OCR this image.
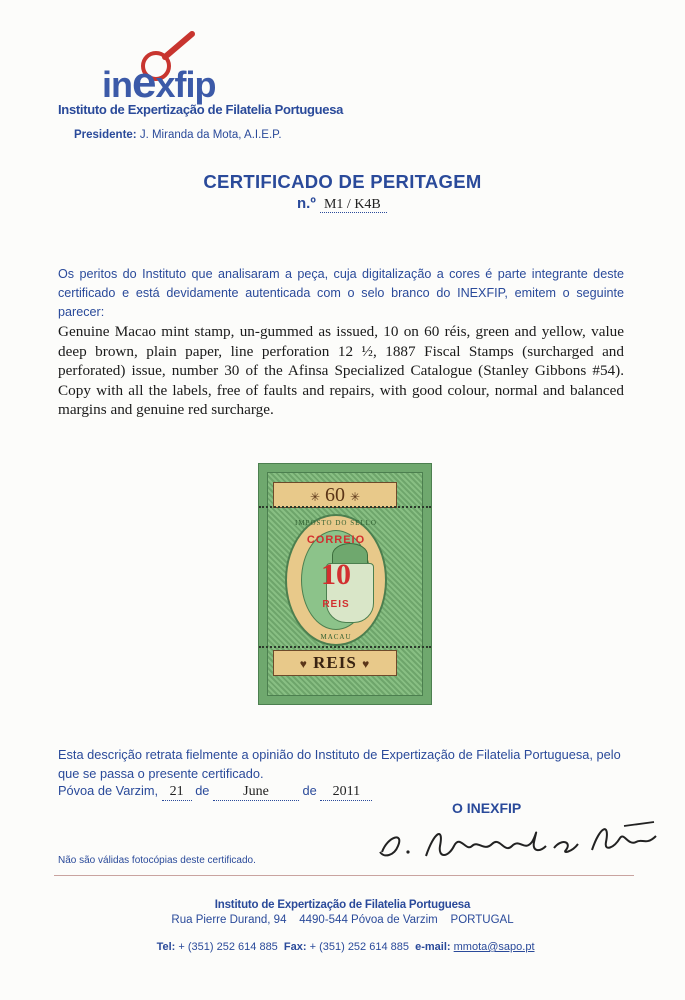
inexfip
Instituto de Expertização de Filatelia Portuguesa
Presidente: J. Miranda da Mota, A.I.E.P.
CERTIFICADO DE PERITAGEM
n.º M1 / K4B
Os peritos do Instituto que analisaram a peça, cuja digitalização a cores é parte integrante deste certificado e está devidamente autenticada com o selo branco do INEXFIP, emitem o seguinte parecer:
Genuine Macao mint stamp, un-gummed as issued, 10 on 60 réis, green and yellow, value deep brown, plain paper, line perforation 12 ½, 1887 Fiscal Stamps (surcharged and perforated) issue, number 30 of the Afinsa Specialized Catalogue (Stanley Gibbons #54). Copy with all the labels, free of faults and repairs, with good colour, normal and balanced margins and genuine red surcharge.
✳ 60 ✳
IMPOSTO DO SELLO
MACAU
CORREIO
10
REIS
♥ REIS ♥
Esta descrição retrata fielmente a opinião do Instituto de Expertização de Filatelia Portuguesa, pelo que se passa o presente certificado.
Póvoa de Varzim, 21 de June	de 2011
O INEXFIP
Não são válidas fotocópias deste certificado.
Instituto de Expertização de Filatelia Portuguesa
Rua Pierre Durand, 94    4490-544 Póvoa de Varzim    PORTUGAL

Tel: + (351) 252 614 885  Fax: + (351) 252 614 885  e-mail: mmota@sapo.pt
